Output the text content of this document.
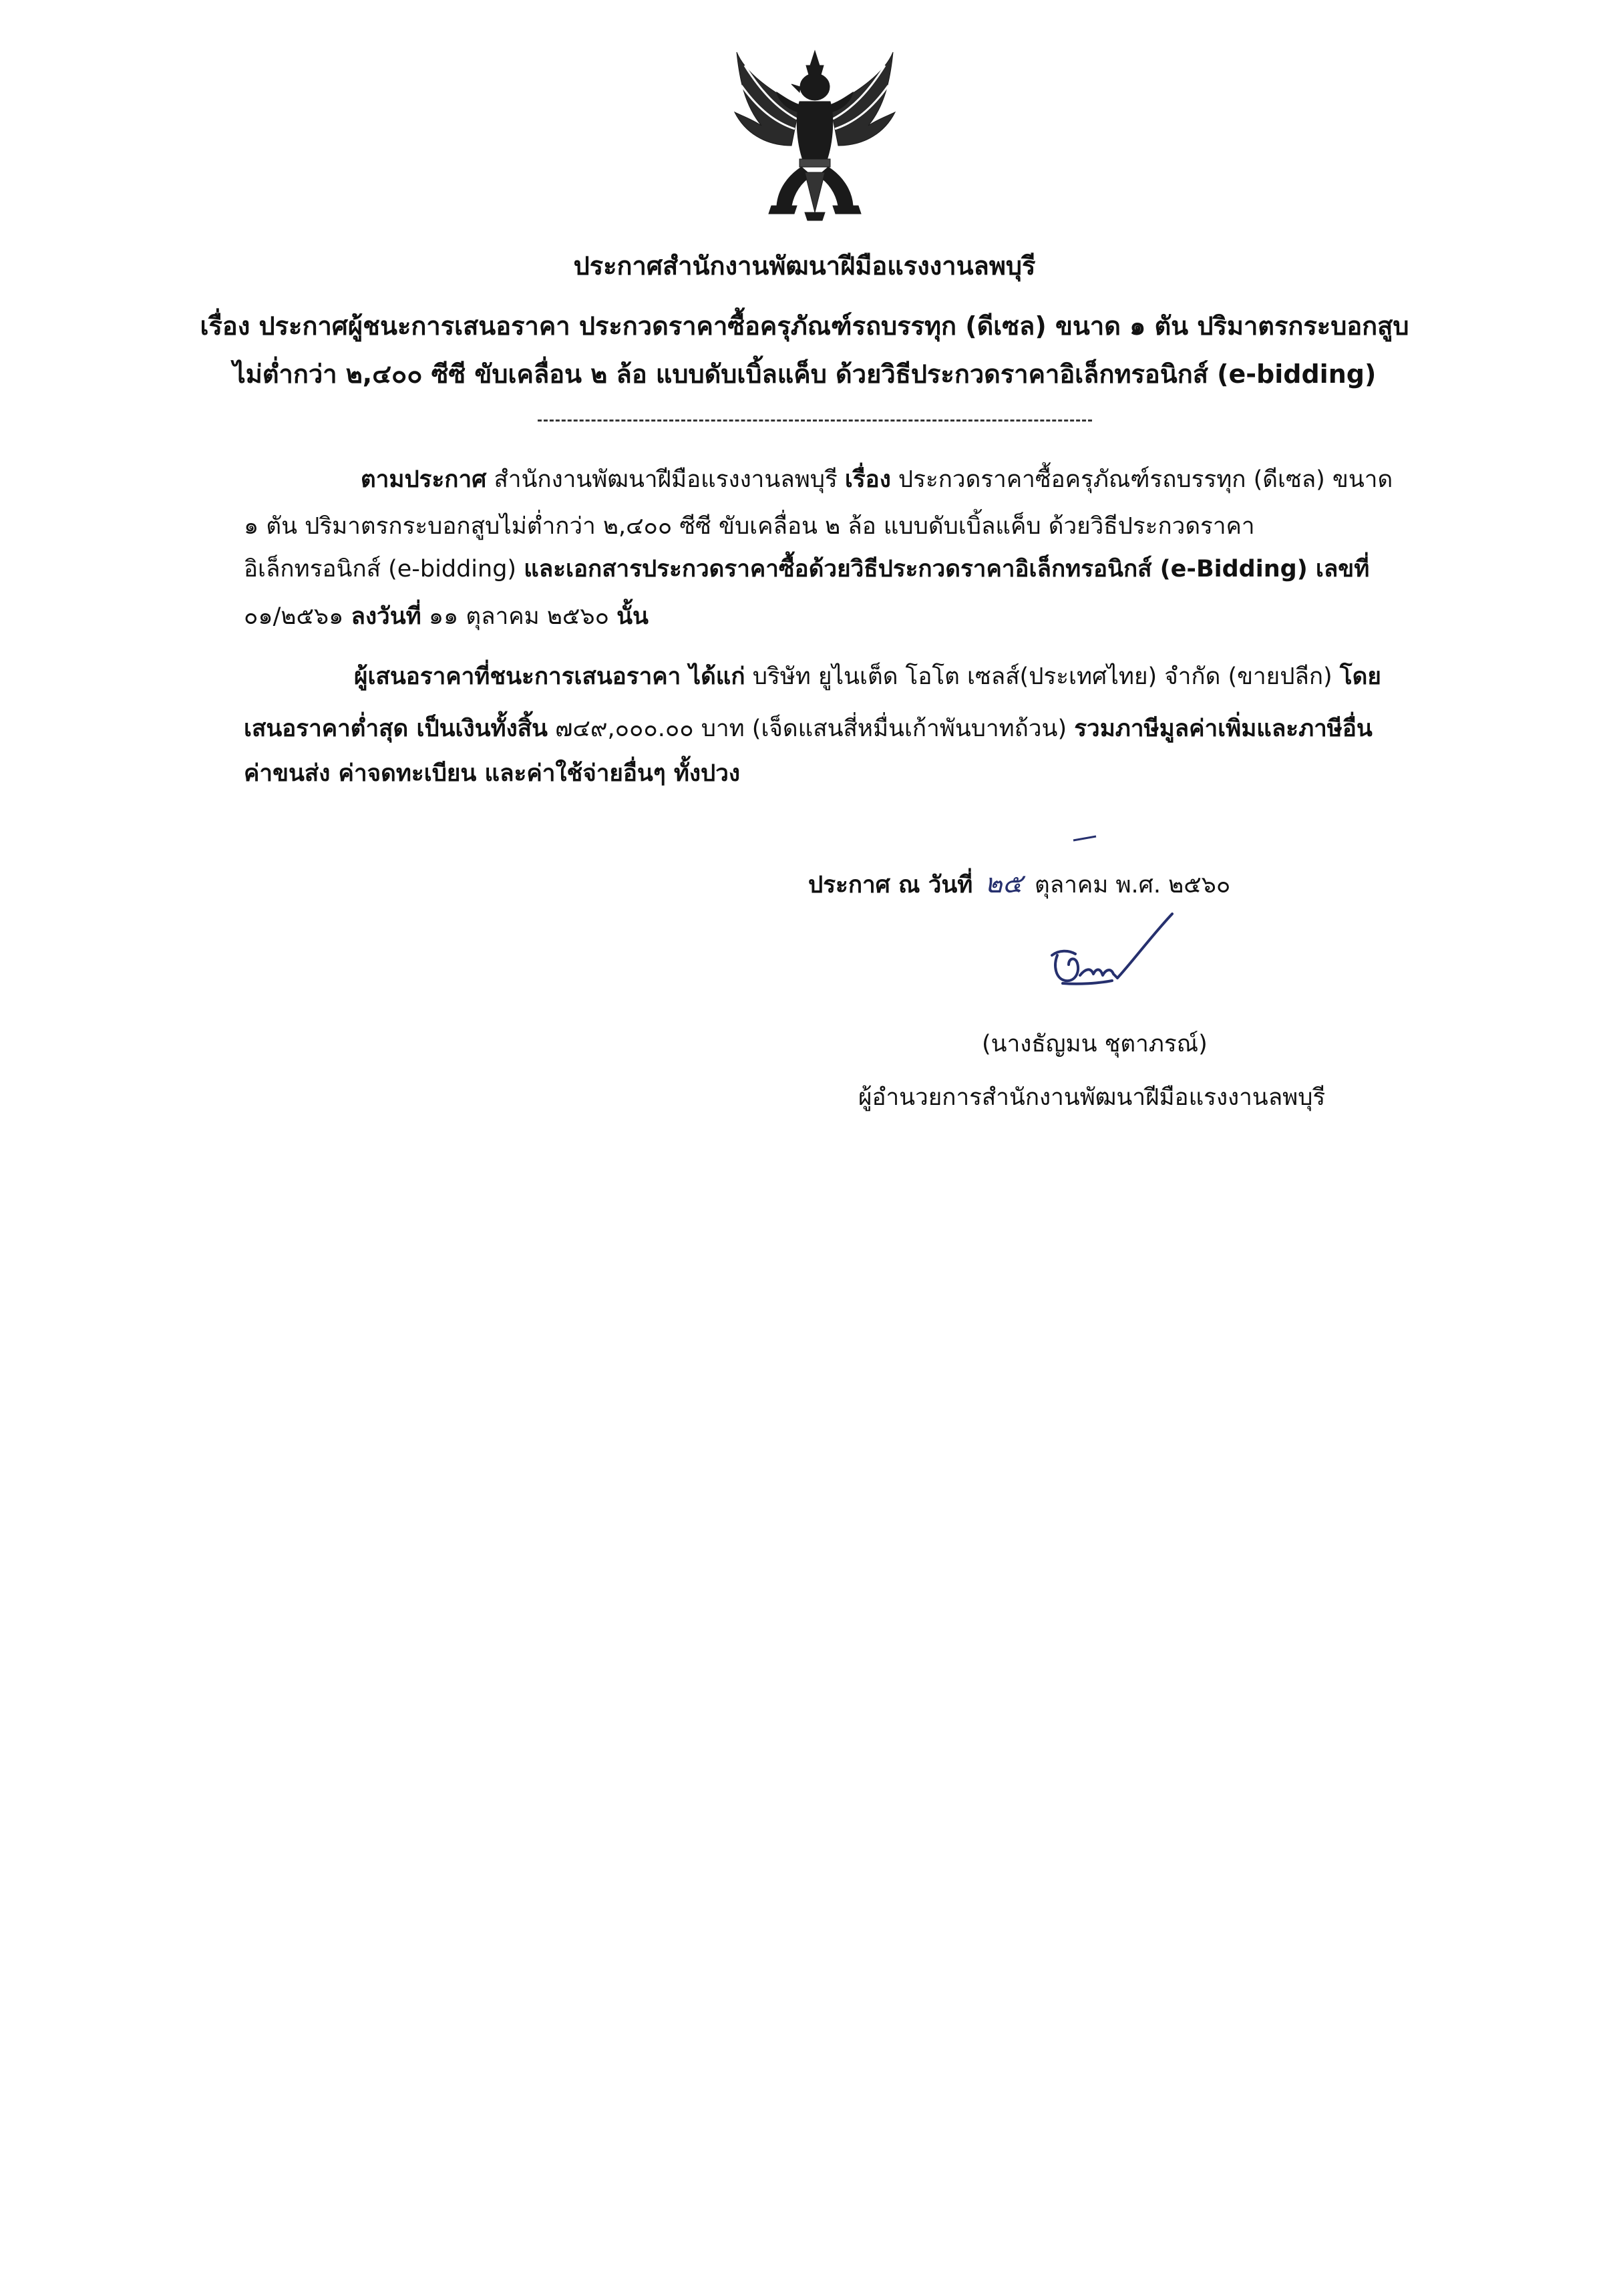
ประกาศสำนักงานพัฒนาฝีมือแรงงานลพบุรี
เรื่อง ประกาศผู้ชนะการเสนอราคา ประกวดราคาซื้อครุภัณฑ์รถบรรทุก (ดีเซล) ขนาด ๑ ตัน ปริมาตรกระบอกสูบ
ไม่ต่ำกว่า ๒,๔๐๐ ซีซี ขับเคลื่อน ๒ ล้อ แบบดับเบิ้ลแค็บ ด้วยวิธีประกวดราคาอิเล็กทรอนิกส์ (e-bidding)
ตามประกาศ สำนักงานพัฒนาฝีมือแรงงานลพบุรี เรื่อง ประกวดราคาซื้อครุภัณฑ์รถบรรทุก (ดีเซล) ขนาด
๑ ตัน ปริมาตรกระบอกสูบไม่ต่ำกว่า ๒,๔๐๐ ซีซี ขับเคลื่อน ๒ ล้อ แบบดับเบิ้ลแค็บ ด้วยวิธีประกวดราคา
อิเล็กทรอนิกส์ (e-bidding) และเอกสารประกวดราคาซื้อด้วยวิธีประกวดราคาอิเล็กทรอนิกส์ (e-Bidding) เลขที่
๐๑/๒๕๖๑ ลงวันที่ ๑๑ ตุลาคม ๒๕๖๐ นั้น
ผู้เสนอราคาที่ชนะการเสนอราคา ได้แก่ บริษัท ยูไนเต็ด โอโต เซลส์(ประเทศไทย) จำกัด (ขายปลีก) โดย
เสนอราคาต่ำสุด เป็นเงินทั้งสิ้น ๗๔๙,๐๐๐.๐๐ บาท (เจ็ดแสนสี่หมื่นเก้าพันบาทถ้วน) รวมภาษีมูลค่าเพิ่มและภาษีอื่น
ค่าขนส่ง ค่าจดทะเบียน และค่าใช้จ่ายอื่นๆ ทั้งปวง
ประกาศ ณ วันที่ ๒๕ ตุลาคม พ.ศ. ๒๕๖๐
(นางธัญมน ชุตาภรณ์)
ผู้อำนวยการสำนักงานพัฒนาฝีมือแรงงานลพบุรี
